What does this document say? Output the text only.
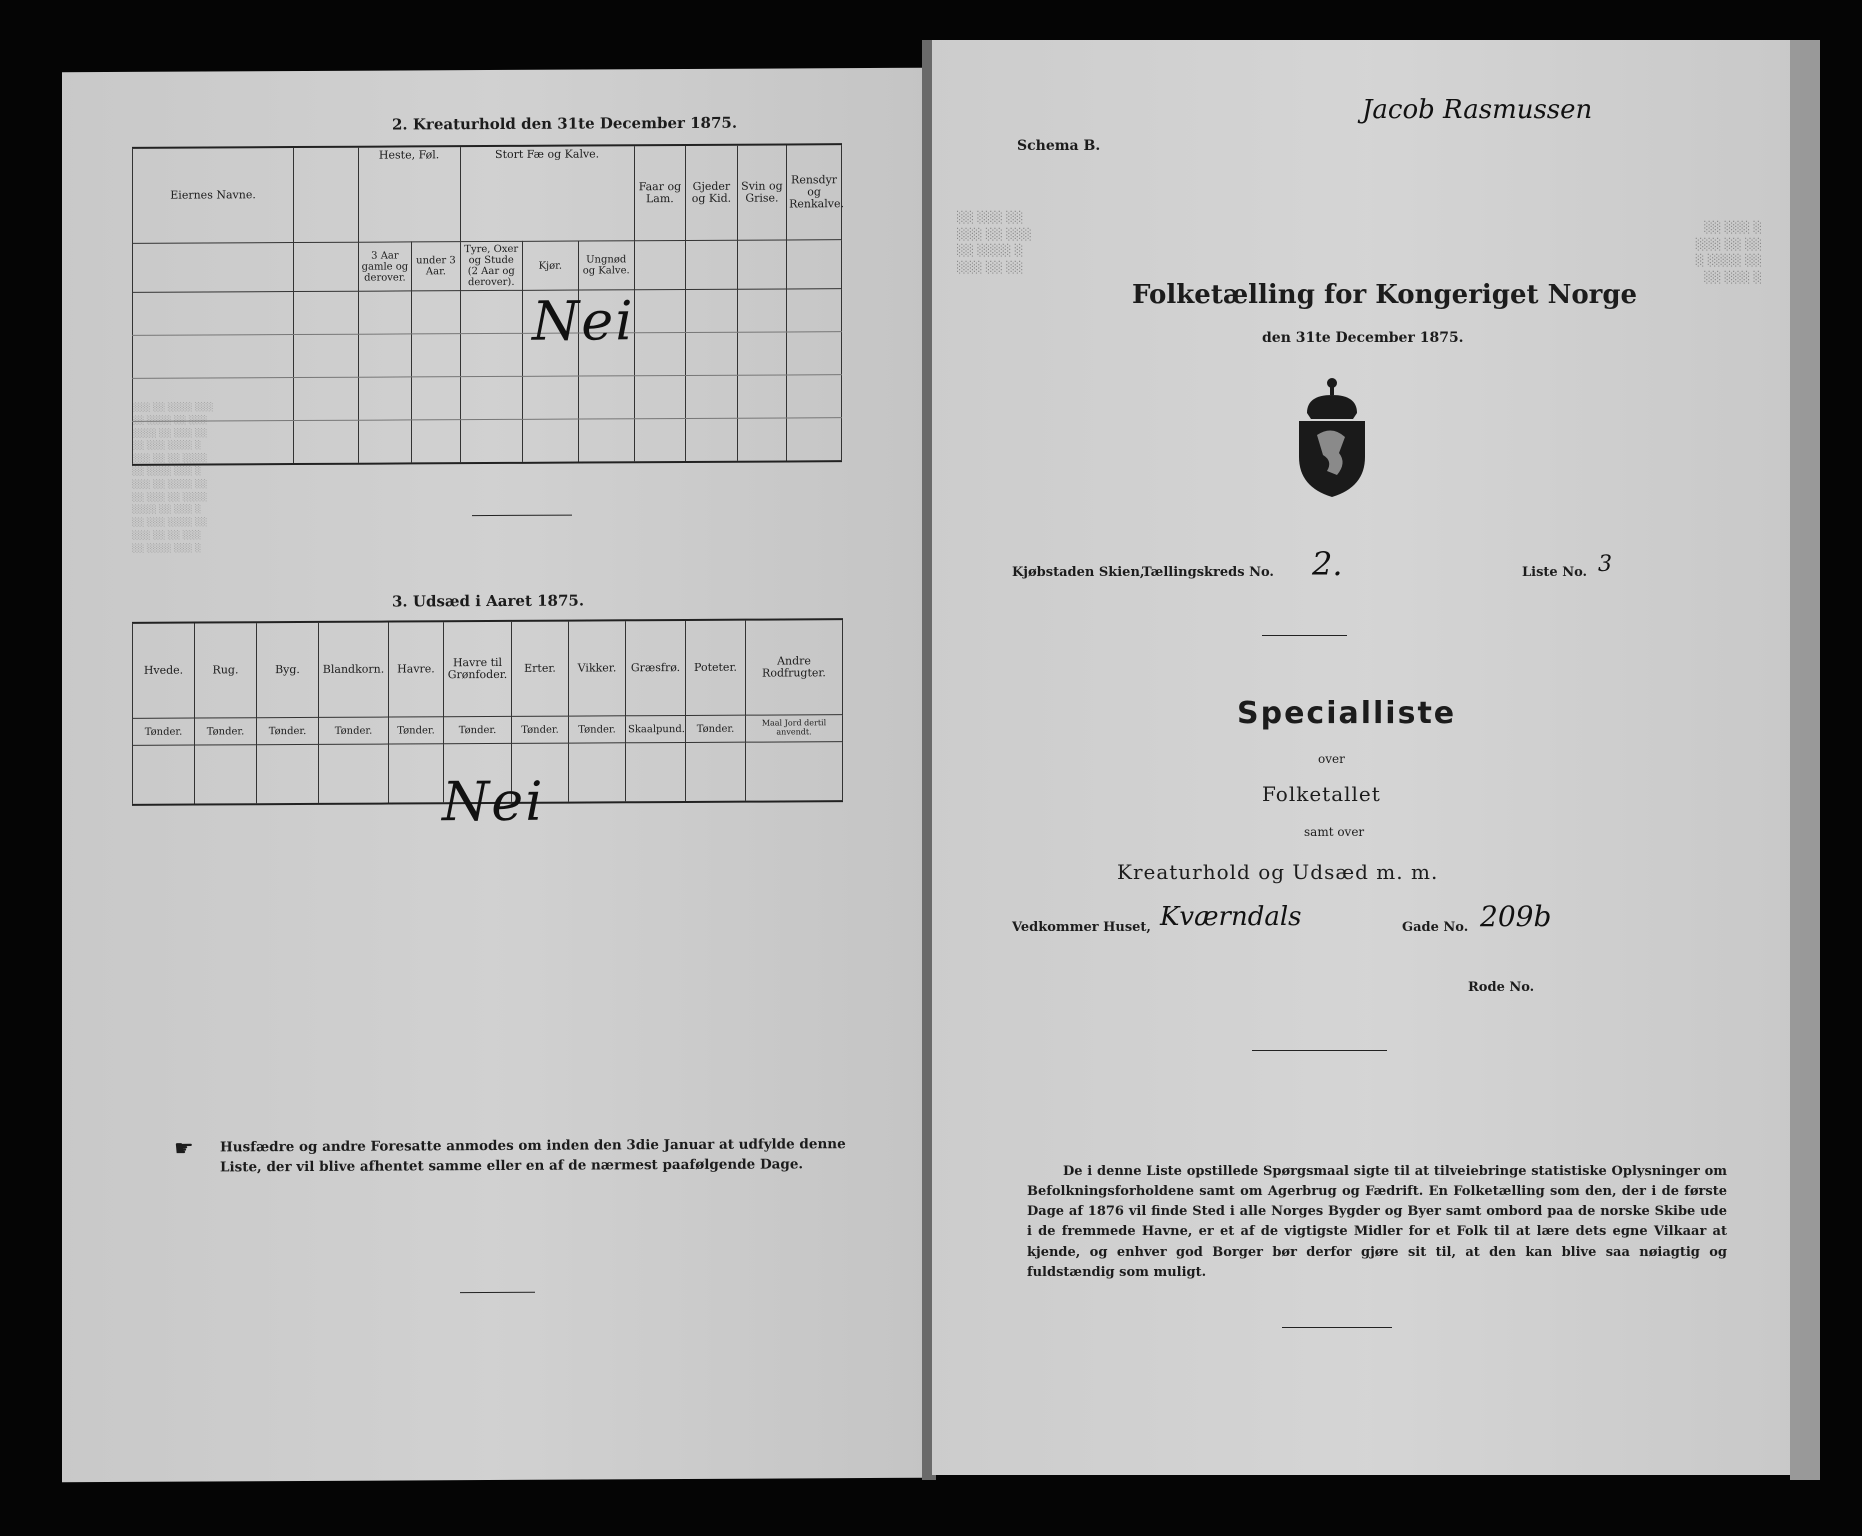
░░░ ░░ ░░░░ ░░░
░░ ░░░░ ░░ ░░░
░░░░ ░░ ░░░ ░░
░░ ░░░ ░░░░ ░
░░░ ░░ ░░ ░░░░
░░ ░░░░ ░░░ ░
░░░ ░░ ░░░░ ░░
░░ ░░░ ░░ ░░░░
░░░░ ░░ ░░░ ░
░░ ░░░ ░░░░ ░░
░░░ ░░ ░░ ░░░
░░ ░░░░ ░░░ ░
2. Kreaturhold den 31te December 1875.
Eiernes Navne.		Heste, Føl.		Stort Fæ og Kalve.			Faar og Lam.	Gjeder og Kid.	Svin og Grise.	Rensdyr og Renkalve.
		3 Aar gamle og derover.	under 3 Aar.	Tyre, Oxer og Stude (2 Aar og derover).	Kjør.	Ungnød og Kalve.				

Nei
3. Udsæd i Aaret 1875.
Hvede.	Rug.	Byg.	Blandkorn.	Havre.	Havre til Grønfoder.	Erter.	Vikker.	Græsfrø.	Poteter.	Andre Rodfrugter.
Tønder.	Tønder.	Tønder.	Tønder.	Tønder.	Tønder.	Tønder.	Tønder.	Skaalpund.	Tønder.	Maal Jord dertil anvendt.

Nei
☛ Husfædre og andre Foresatte anmodes om inden den 3die Januar at udfylde denne Liste, der vil blive afhentet samme eller en af de nærmest paafølgende Dage.
Schema B.
Jacob Rasmussen
░░ ░░░ ░░
░░░ ░░ ░░░
░░ ░░░░ ░
░░░ ░░ ░░
░░ ░░░ ░
░░░ ░░ ░░
░ ░░░░ ░░
░░ ░░░ ░
Folketælling for Kongeriget Norge
den 31te December 1875.
Kjøbstaden Skien,
Tællingskreds No. 2.	Liste No. 3
Specialliste
over
Folketallet
samt over
Kreaturhold og Udsæd m. m.
Vedkommer Huset, Kværndals	Gade No. 209b
Rode No.
De i denne Liste opstillede Spørgsmaal sigte til at tilveiebringe statistiske Oplysninger om Befolkningsforholdene samt om Agerbrug og Fædrift. En Folketælling som den, der i de første Dage af 1876 vil finde Sted i alle Norges Bygder og Byer samt ombord paa de norske Skibe ude i de fremmede Havne, er et af de vigtigste Midler for et Folk til at lære dets egne Vilkaar at kjende, og enhver god Borger bør derfor gjøre sit til, at den kan blive saa nøiagtig og fuldstændig som muligt.
